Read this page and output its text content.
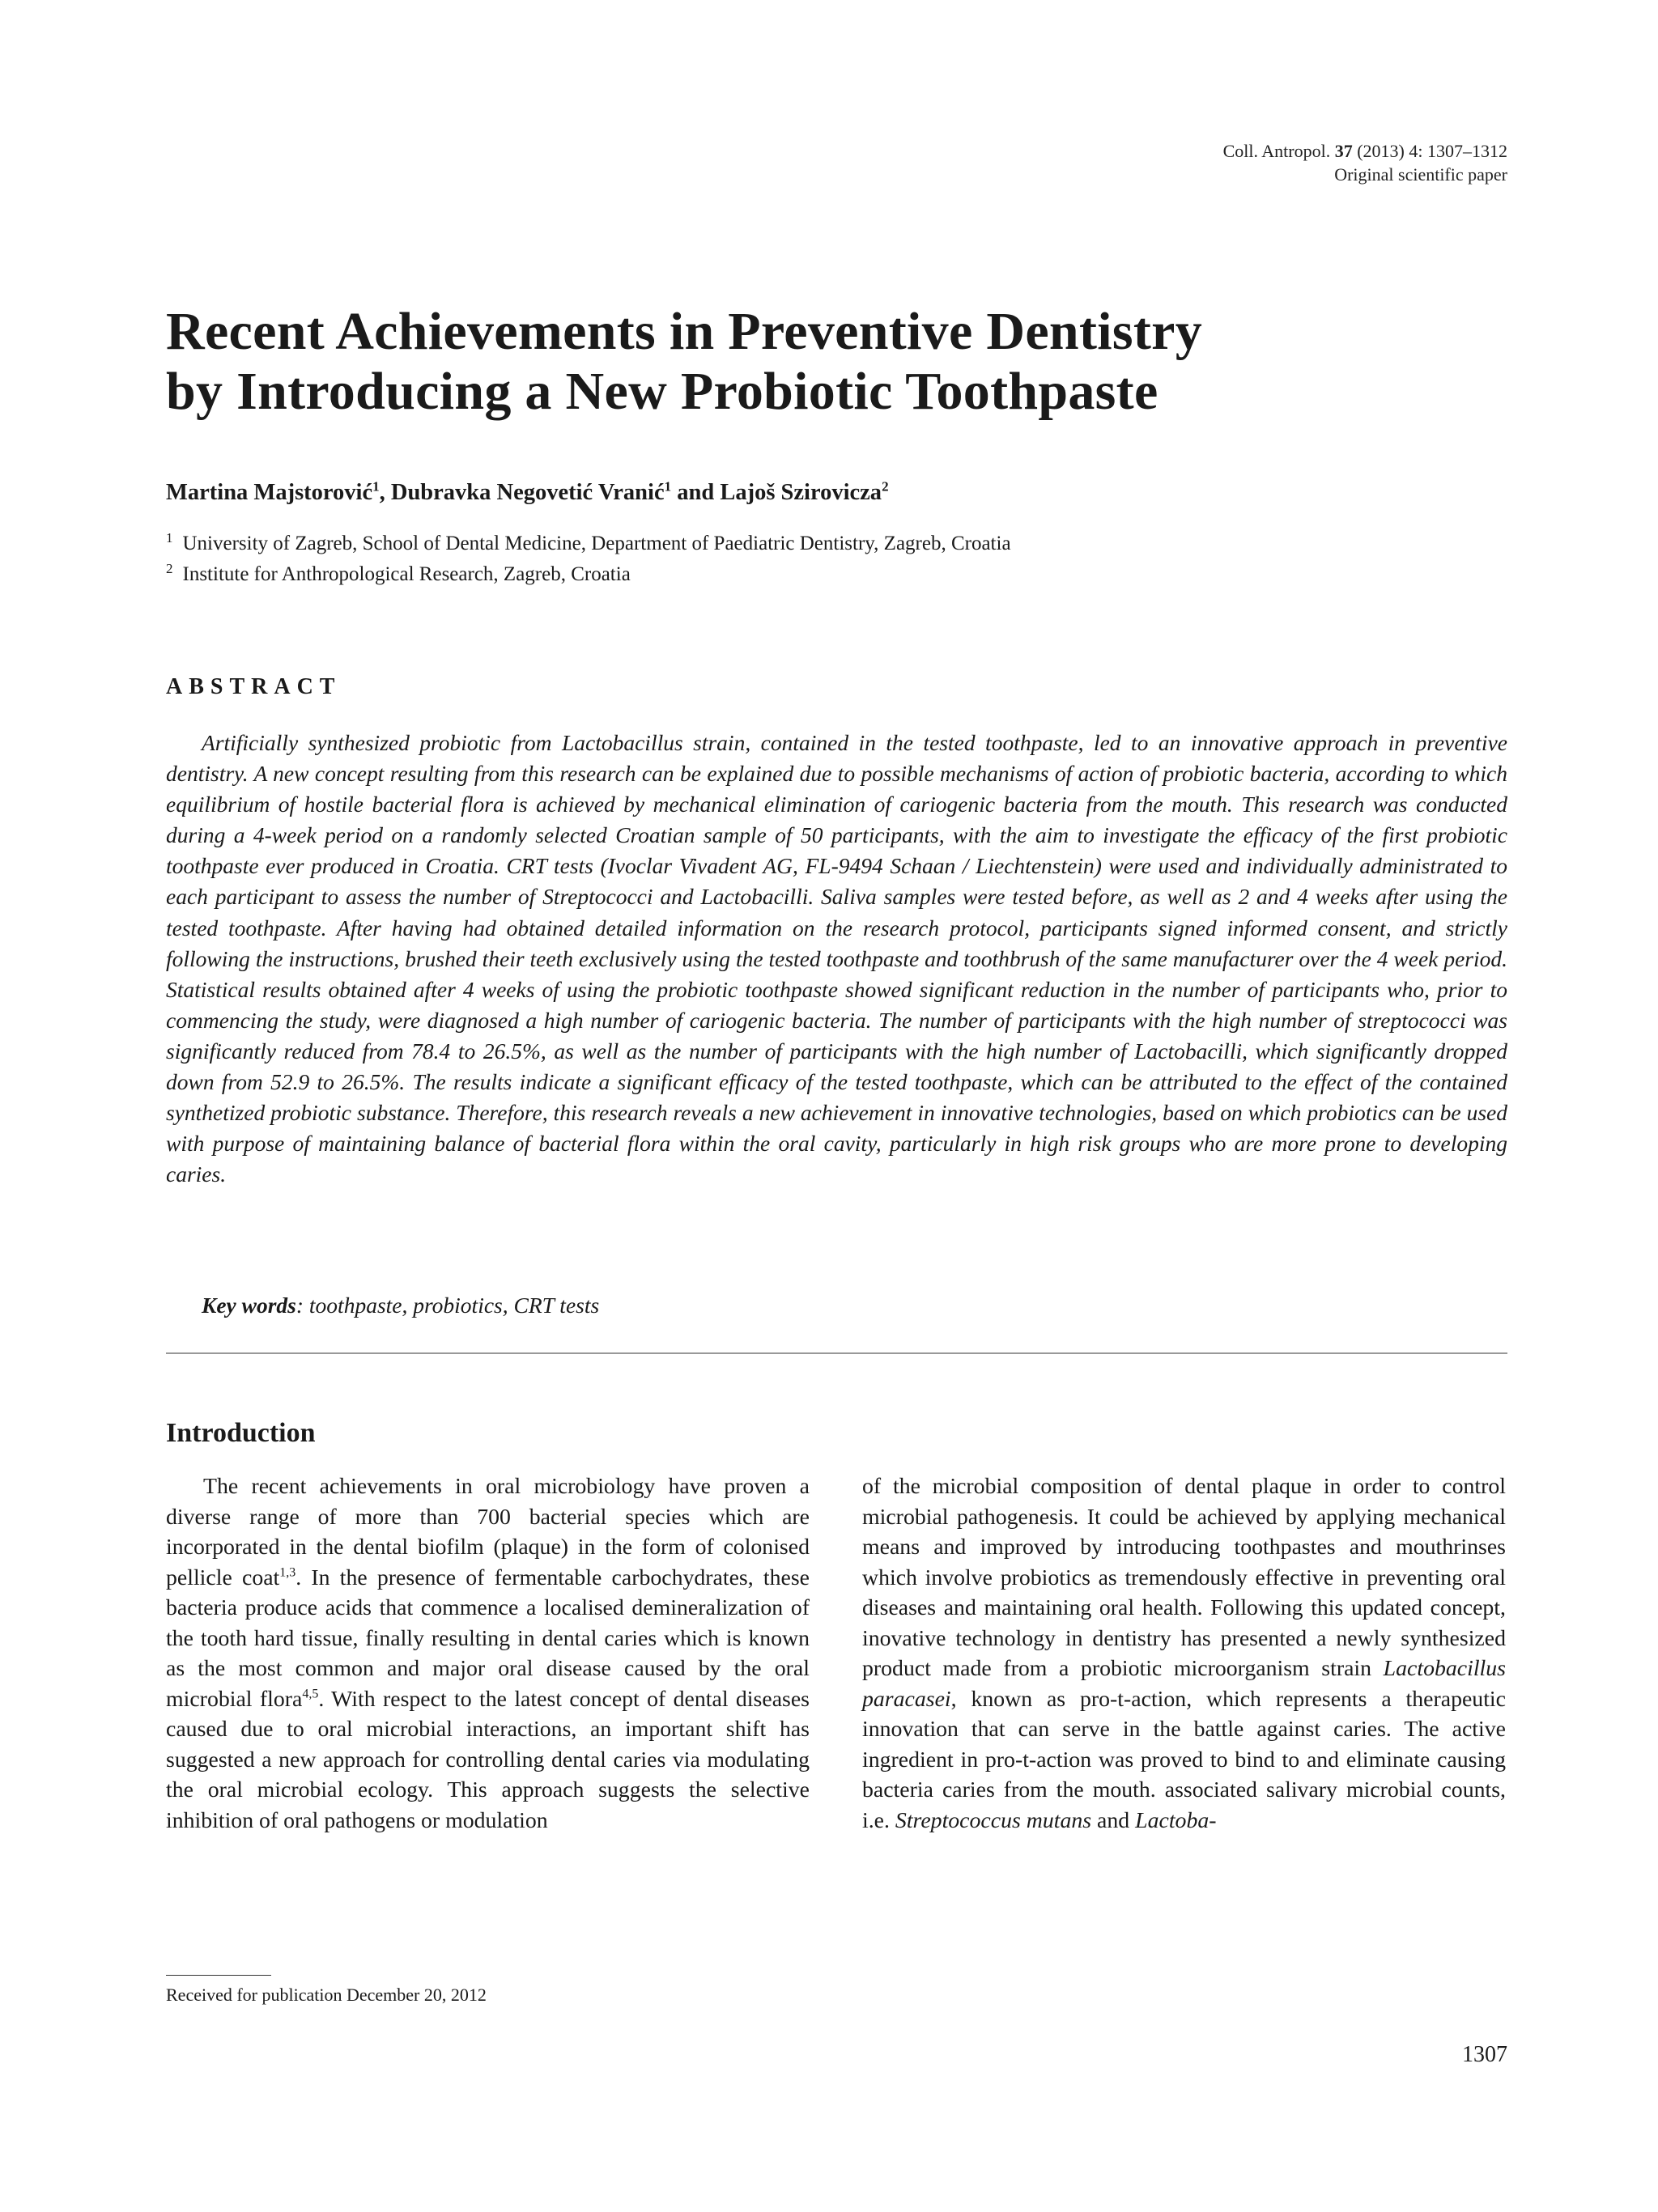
Coll. Antropol. 37 (2013) 4: 1307–1312
Original scientific paper
Recent Achievements in Preventive Dentistry
by Introducing a New Probiotic Toothpaste

Martina Majstorović$^1$, Dubravka Negovetić Vranić$^1$ and Lajoš Szirovicza$^2$

$^1$ University of Zagreb, School of Dental Medicine, Department of Paediatric Dentistry, Zagreb, Croatia

$^2$ Institute for Anthropological Research, Zagreb, Croatia

ABSTRACT

Artificially synthesized probiotic from Lactobacillus strain, contained in the tested toothpaste, led to an innovative approach in preventive dentistry. A new concept resulting from this research can be explained due to possible mechanisms of action of probiotic bacteria, according to which equilibrium of hostile bacterial flora is achieved by mechanical elimination of cariogenic bacteria from the mouth. This research was conducted during a 4-week period on a randomly selected Croatian sample of 50 participants, with the aim to investigate the efficacy of the first probiotic toothpaste ever produced in Croatia. CRT tests (Ivoclar Vivadent AG, FL-9494 Schaan / Liechtenstein) were used and individually administrated to each participant to assess the number of Streptococci and Lactobacilli. Saliva samples were tested before, as well as 2 and 4 weeks after using the tested toothpaste. After having had obtained detailed information on the research protocol, participants signed informed consent, and strictly following the instructions, brushed their teeth exclusively using the tested toothpaste and toothbrush of the same manufacturer over the 4 week period. Statistical results obtained after 4 weeks of using the probiotic toothpaste showed significant reduction in the number of participants who, prior to commencing the study, were diagnosed a high number of cariogenic bacteria. The number of participants with the high number of streptococci was significantly reduced from 78.4 to 26.5%, as well as the number of participants with the high number of Lactobacilli, which significantly dropped down from 52.9 to 26.5%. The results indicate a significant efficacy of the tested toothpaste, which can be attributed to the effect of the contained synthetized probiotic substance. Therefore, this research reveals a new achievement in innovative technologies, based on which probiotics can be used with purpose of maintaining balance of bacterial flora within the oral cavity, particularly in high risk groups who are more prone to developing caries.

Key words: toothpaste, probiotics, CRT tests

Introduction

The recent achievements in oral microbiology have proven a diverse range of more than 700 bacterial species which are incorporated in the dental biofilm (plaque) in the form of colonised pellicle coat$^{1,3}$. In the presence of fermentable carbochydrates, these bacteria produce acids that commence a localised demineralization of the tooth hard tissue, finally resulting in dental caries which is known as the most common and major oral disease caused by the oral microbial flora$^{4,5}$. With respect to the latest concept of dental diseases caused due to oral microbial interactions, an important shift has suggested a new approach for controlling dental caries via modulating the oral microbial ecology. This approach suggests the selective inhibition of oral pathogens or modulation

of the microbial composition of dental plaque in order to control microbial pathogenesis. It could be achieved by applying mechanical means and improved by introducing toothpastes and mouthrinses which involve probiotics as tremendously effective in preventing oral diseases and maintaining oral health. Following this updated concept, inovative technology in dentistry has presented a newly synthesized product made from a probiotic microorganism strain Lactobacillus paracasei, known as pro-t-action, which represents a therapeutic innovation that can serve in the battle against caries. The active ingredient in pro-t-action was proved to bind to and eliminate causing bacteria caries from the mouth. associated salivary microbial counts, i.e. Streptococcus mutans and Lactoba-

Received for publication December 20, 2012

1307
